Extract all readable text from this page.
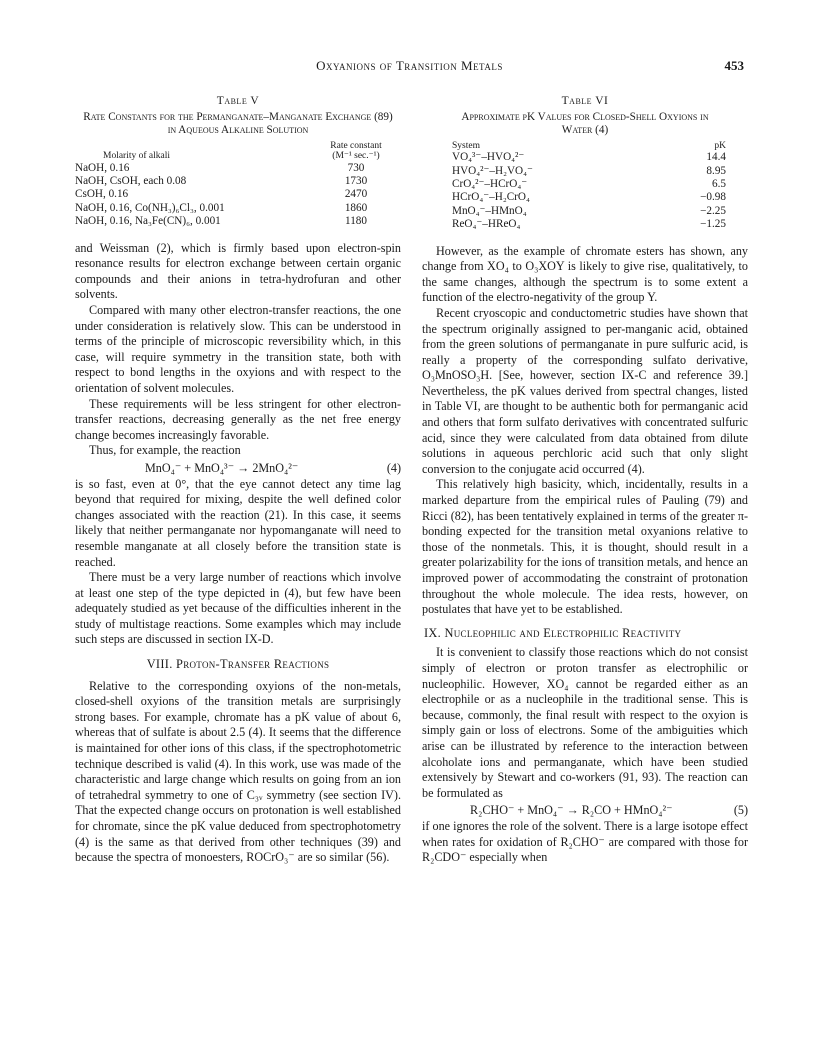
Oxyanions of Transition Metals	453
Table V
Rate Constants for the Permanganate–Manganate Exchange (89) in Aqueous Alkaline Solution
	Rate constant
Molarity of alkali	(M⁻¹ sec.⁻¹)
NaOH, 0.16	730
NaOH, CsOH, each 0.08	1730
CsOH, 0.16	2470
NaOH, 0.16, Co(NH₃)₆Cl₃, 0.001	1860
NaOH, 0.16, Na₃Fe(CN)₆, 0.001	1180

and Weissman (2), which is firmly based upon electron-spin resonance results for electron exchange between certain organic compounds and their anions in tetra-hydrofuran and other solvents.

Compared with many other electron-transfer reactions, the one under consideration is relatively slow. This can be understood in terms of the principle of microscopic reversibility which, in this case, will require symmetry in the transition state, both with respect to bond lengths in the oxyions and with respect to the orientation of solvent molecules.

These requirements will be less stringent for other electron-transfer reactions, decreasing generally as the net free energy change becomes increasingly favorable.

Thus, for example, the reaction

MnO₄⁻ + MnO₄³⁻ → 2MnO₄²⁻	(4)

is so fast, even at 0°, that the eye cannot detect any time lag beyond that required for mixing, despite the well defined color changes associated with the reaction (21). In this case, it seems likely that neither permanganate nor hypomanganate will need to resemble manganate at all closely before the transition state is reached.

There must be a very large number of reactions which involve at least one step of the type depicted in (4), but few have been adequately studied as yet because of the difficulties inherent in the study of multistage reactions. Some examples which may include such steps are discussed in section IX-D.

VIII. Proton-Transfer Reactions

Relative to the corresponding oxyions of the non-metals, closed-shell oxyions of the transition metals are surprisingly strong bases. For example, chromate has a pK value of about 6, whereas that of sulfate is about 2.5 (4). It seems that the difference is maintained for other ions of this class, if the spectrophotometric technique described is valid (4). In this work, use was made of the characteristic and large change which results on going from an ion of tetrahedral symmetry to one of C₃ᵥ symmetry (see section IV). That the expected change occurs on protonation is well established for chromate, since the pK value deduced from spectrophotometry (4) is the same as that derived from other techniques (39) and because the spectra of monoesters, ROCrO₃⁻ are so similar (56).

Table VI
Approximate pK Values for Closed-Shell Oxyions in
Water (4)
System	pK
VO₄³⁻–HVO₄²⁻	14.4
HVO₄²⁻–H₂VO₄⁻	8.95
CrO₄²⁻–HCrO₄⁻	6.5
HCrO₄⁻–H₂CrO₄	−0.98
MnO₄⁻–HMnO₄	−2.25
ReO₄⁻–HReO₄	−1.25

However, as the example of chromate esters has shown, any change from XO₄ to O₃XOY is likely to give rise, qualitatively, to the same changes, although the spectrum is to some extent a function of the electro-negativity of the group Y.

Recent cryoscopic and conductometric studies have shown that the spectrum originally assigned to per-manganic acid, obtained from the green solutions of permanganate in pure sulfuric acid, is really a property of the corresponding sulfato derivative, O₃MnOSO₃H. [See, however, section IX-C and reference 39.] Nevertheless, the pK values derived from spectral changes, listed in Table VI, are thought to be authentic both for permanganic acid and others that form sulfato derivatives with concentrated sulfuric acid, since they were calculated from data obtained from dilute solutions in aqueous perchloric acid such that only slight conversion to the conjugate acid occurred (4).

This relatively high basicity, which, incidentally, results in a marked departure from the empirical rules of Pauling (79) and Ricci (82), has been tentatively explained in terms of the greater π-bonding expected for the transition metal oxyanions relative to those of the nonmetals. This, it is thought, should result in a greater polarizability for the ions of transition metals, and hence an improved power of accommodating the constraint of protonation throughout the whole molecule. The idea rests, however, on postulates that have yet to be established.

IX. Nucleophilic and Electrophilic Reactivity

It is convenient to classify those reactions which do not consist simply of electron or proton transfer as electrophilic or nucleophilic. However, XO₄ cannot be regarded either as an electrophile or as a nucleophile in the traditional sense. This is because, commonly, the final result with respect to the oxyion is simply gain or loss of electrons. Some of the ambiguities which arise can be illustrated by reference to the interaction between alcoholate ions and permanganate, which have been studied extensively by Stewart and co-workers (91, 93). The reaction can be formulated as

R₂CHO⁻ + MnO₄⁻ → R₂CO + HMnO₄²⁻	(5)

if one ignores the role of the solvent. There is a large isotope effect when rates for oxidation of R₂CHO⁻ are compared with those for R₂CDO⁻ especially when
